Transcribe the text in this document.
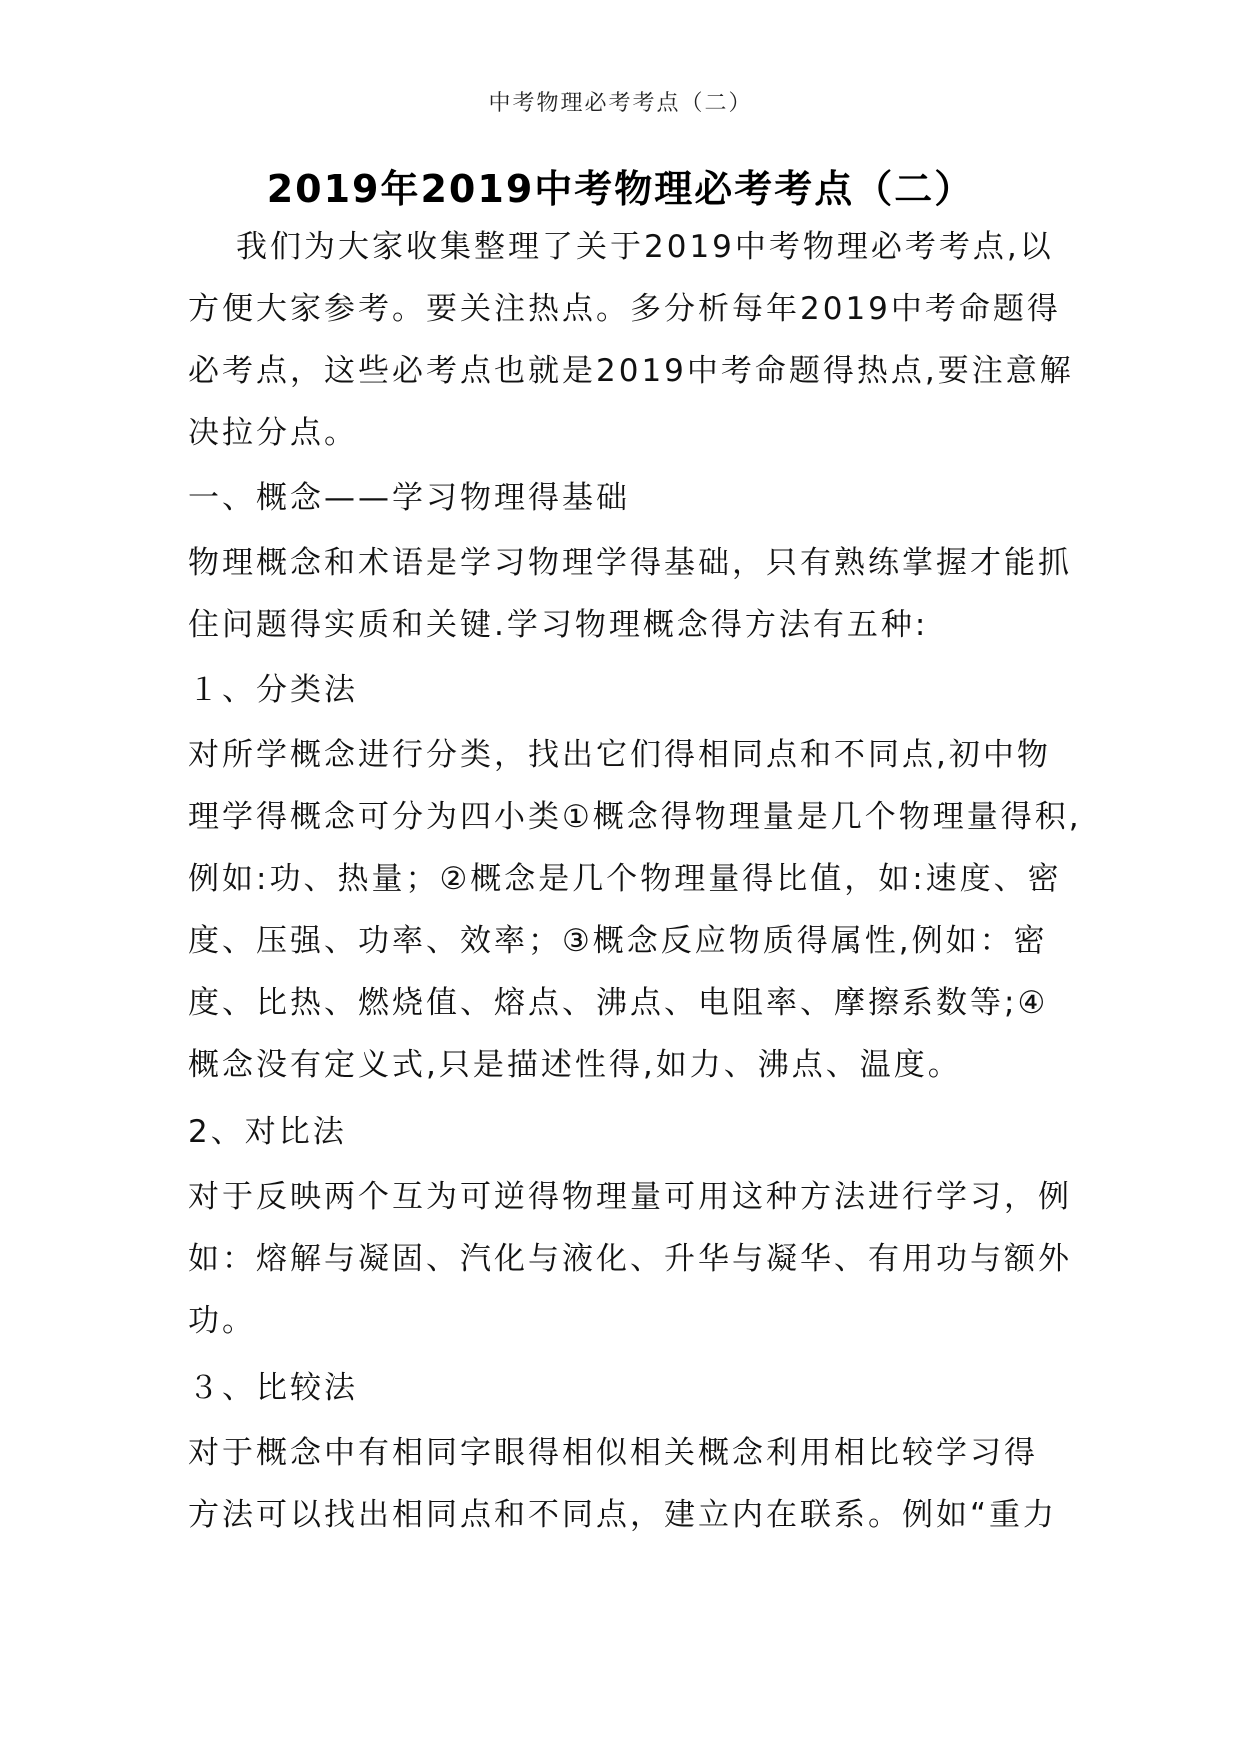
中考物理必考考点（二）
2019年2019中考物理必考考点（二）
我们为大家收集整理了关于2019中考物理必考考点,以
方便大家参考。要关注热点。多分析每年2019中考命题得
必考点，这些必考点也就是2019中考命题得热点,要注意解
决拉分点。
一、概念——学习物理得基础
物理概念和术语是学习物理学得基础，只有熟练掌握才能抓
住问题得实质和关键.学习物理概念得方法有五种:
１、分类法
对所学概念进行分类，找出它们得相同点和不同点,初中物
理学得概念可分为四小类①概念得物理量是几个物理量得积,
例如:功、热量；②概念是几个物理量得比值，如:速度、密
度、压强、功率、效率；③概念反应物质得属性,例如：密
度、比热、燃烧值、熔点、沸点、电阻率、摩擦系数等;④
概念没有定义式,只是描述性得,如力、沸点、温度。
2、对比法
对于反映两个互为可逆得物理量可用这种方法进行学习，例
如：熔解与凝固、汽化与液化、升华与凝华、有用功与额外
功。
３、比较法
对于概念中有相同字眼得相似相关概念利用相比较学习得
方法可以找出相同点和不同点，建立内在联系。例如“重力
